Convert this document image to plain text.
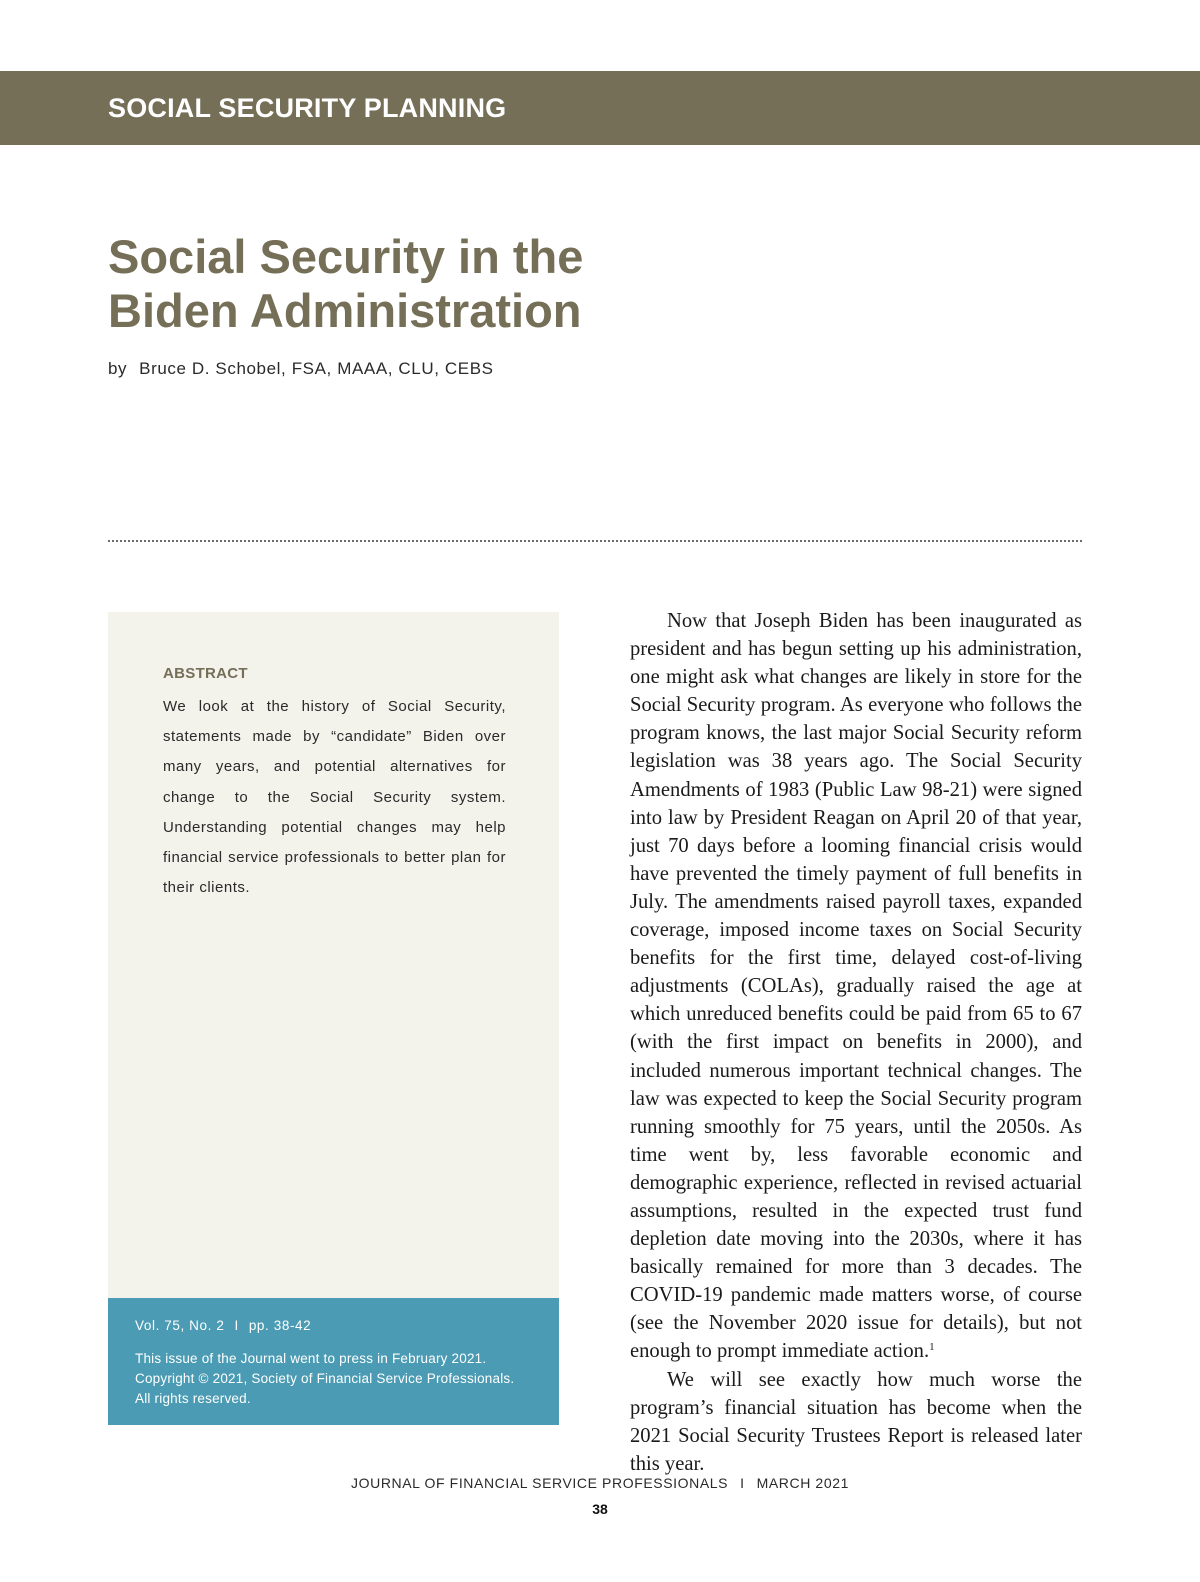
SOCIAL SECURITY PLANNING
Social Security in the
Biden Administration
by Bruce D. Schobel, FSA, MAAA, CLU, CEBS
ABSTRACT

We look at the history of Social Security, statements made by “candidate” Biden over many years, and potential alternatives for change to the Social Security system. Understanding potential changes may help financial service professionals to better plan for their clients.

Vol. 75, No. 2 I pp. 38-42
This issue of the Journal went to press in February 2021.
Copyright © 2021, Society of Financial Service Professionals.
All rights reserved.

Now that Joseph Biden has been inaugurated as president and has begun setting up his administration, one might ask what changes are likely in store for the Social Security program. As everyone who follows the program knows, the last major Social Security reform legislation was 38 years ago. The Social Security Amendments of 1983 (Public Law 98-21) were signed into law by President Reagan on April 20 of that year, just 70 days before a looming financial crisis would have prevented the timely payment of full benefits in July. The amendments raised payroll taxes, expanded coverage, imposed income taxes on Social Security benefits for the first time, delayed cost-of-living adjustments (COLAs), gradually raised the age at which unreduced benefits could be paid from 65 to 67 (with the first impact on benefits in 2000), and included numerous important technical changes. The law was expected to keep the Social Security program running smoothly for 75 years, until the 2050s. As time went by, less favorable economic and demographic experience, reflected in revised actuarial assumptions, resulted in the expected trust fund depletion date moving into the 2030s, where it has basically remained for more than 3 decades. The COVID-19 pandemic made matters worse, of course (see the November 2020 issue for details), but not enough to prompt immediate action.$^1$

We will see exactly how much worse the program’s financial situation has become when the 2021 Social Security Trustees Report is released later this year.

JOURNAL OF FINANCIAL SERVICE PROFESSIONALS I MARCH 2021
38
